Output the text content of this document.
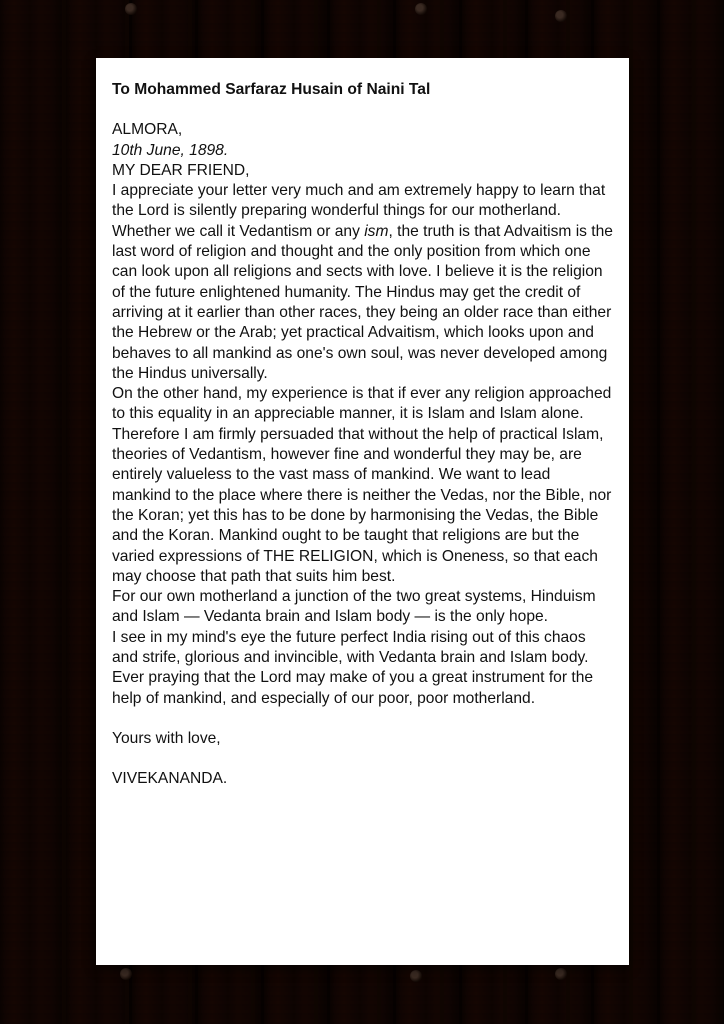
To Mohammed Sarfaraz Husain of Naini Tal

ALMORA,

10th June, 1898.

MY DEAR FRIEND,

I appreciate your letter very much and am extremely happy to learn that the Lord is silently preparing wonderful things for our motherland.

Whether we call it Vedantism or any ism, the truth is that Advaitism is the last word of religion and thought and the only position from which one can look upon all religions and sects with love. I believe it is the religion of the future enlightened humanity. The Hindus may get the credit of arriving at it earlier than other races, they being an older race than either the Hebrew or the Arab; yet practical Advaitism, which looks upon and behaves to all mankind as one's own soul, was never developed among the Hindus universally.

On the other hand, my experience is that if ever any religion approached to this equality in an appreciable manner, it is Islam and Islam alone.

Therefore I am firmly persuaded that without the help of practical Islam, theories of Vedantism, however fine and wonderful they may be, are entirely valueless to the vast mass of mankind. We want to lead mankind to the place where there is neither the Vedas, nor the Bible, nor the Koran; yet this has to be done by harmonising the Vedas, the Bible and the Koran. Mankind ought to be taught that religions are but the varied expressions of THE RELIGION, which is Oneness, so that each may choose that path that suits him best.

For our own motherland a junction of the two great systems, Hinduism and Islam — Vedanta brain and Islam body — is the only hope.

I see in my mind's eye the future perfect India rising out of this chaos and strife, glorious and invincible, with Vedanta brain and Islam body.

Ever praying that the Lord may make of you a great instrument for the help of mankind, and especially of our poor, poor motherland.

Yours with love,

VIVEKANANDA.
